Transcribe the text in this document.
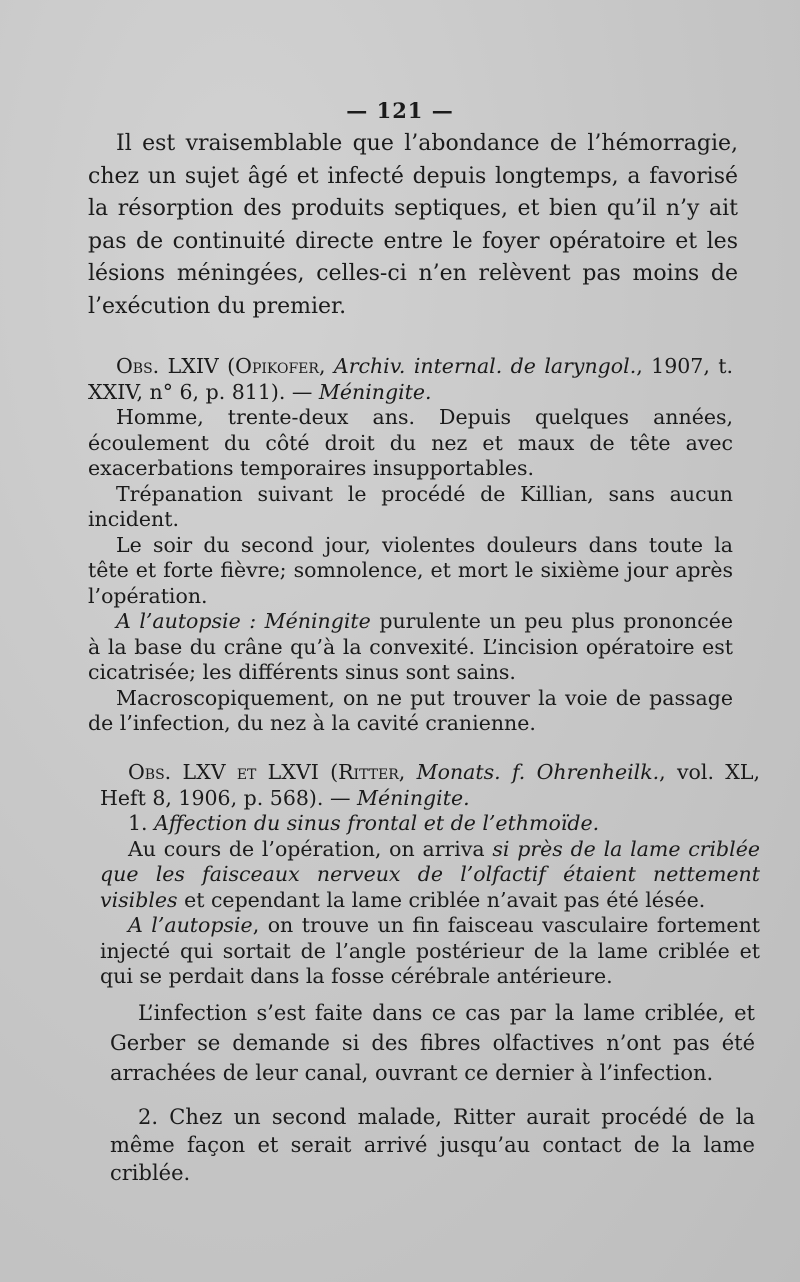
— 121 —

Il est vraisemblable que l’abondance de l’hémorragie, chez un sujet âgé et infecté depuis longtemps, a favorisé la résorption des produits septiques, et bien qu’il n’y ait pas de continuité directe entre le foyer opératoire et les lésions méningées, celles-ci n’en relèvent pas moins de l’exécution du premier.

Obs. LXIV (Opikofer, Archiv. internal. de laryngol., 1907, t. XXIV, n° 6, p. 811). — Méningite.

Homme, trente-deux ans. Depuis quelques années, écoulement du côté droit du nez et maux de tête avec exacerbations temporaires insupportables.

Trépanation suivant le procédé de Killian, sans aucun incident.

Le soir du second jour, violentes douleurs dans toute la tête et forte fièvre; somnolence, et mort le sixième jour après l’opération.

A l’autopsie : Méningite purulente un peu plus prononcée à la base du crâne qu’à la convexité. L’incision opératoire est cicatrisée; les différents sinus sont sains.

Macroscopiquement, on ne put trouver la voie de passage de l’infection, du nez à la cavité cranienne.

Obs. LXV et LXVI (Ritter, Monats. f. Ohrenheilk., vol. XL, Heft 8, 1906, p. 568). — Méningite.

1. Affection du sinus frontal et de l’ethmoïde.

Au cours de l’opération, on arriva si près de la lame criblée que les faisceaux nerveux de l’olfactif étaient nettement visibles et cependant la lame criblée n’avait pas été lésée.

A l’autopsie, on trouve un fin faisceau vasculaire fortement injecté qui sortait de l’angle postérieur de la lame criblée et qui se perdait dans la fosse cérébrale antérieure.

L’infection s’est faite dans ce cas par la lame criblée, et Gerber se demande si des fibres olfactives n’ont pas été arrachées de leur canal, ouvrant ce dernier à l’infection.

2. Chez un second malade, Ritter aurait procédé de la même façon et serait arrivé jusqu’au contact de la lame criblée.
